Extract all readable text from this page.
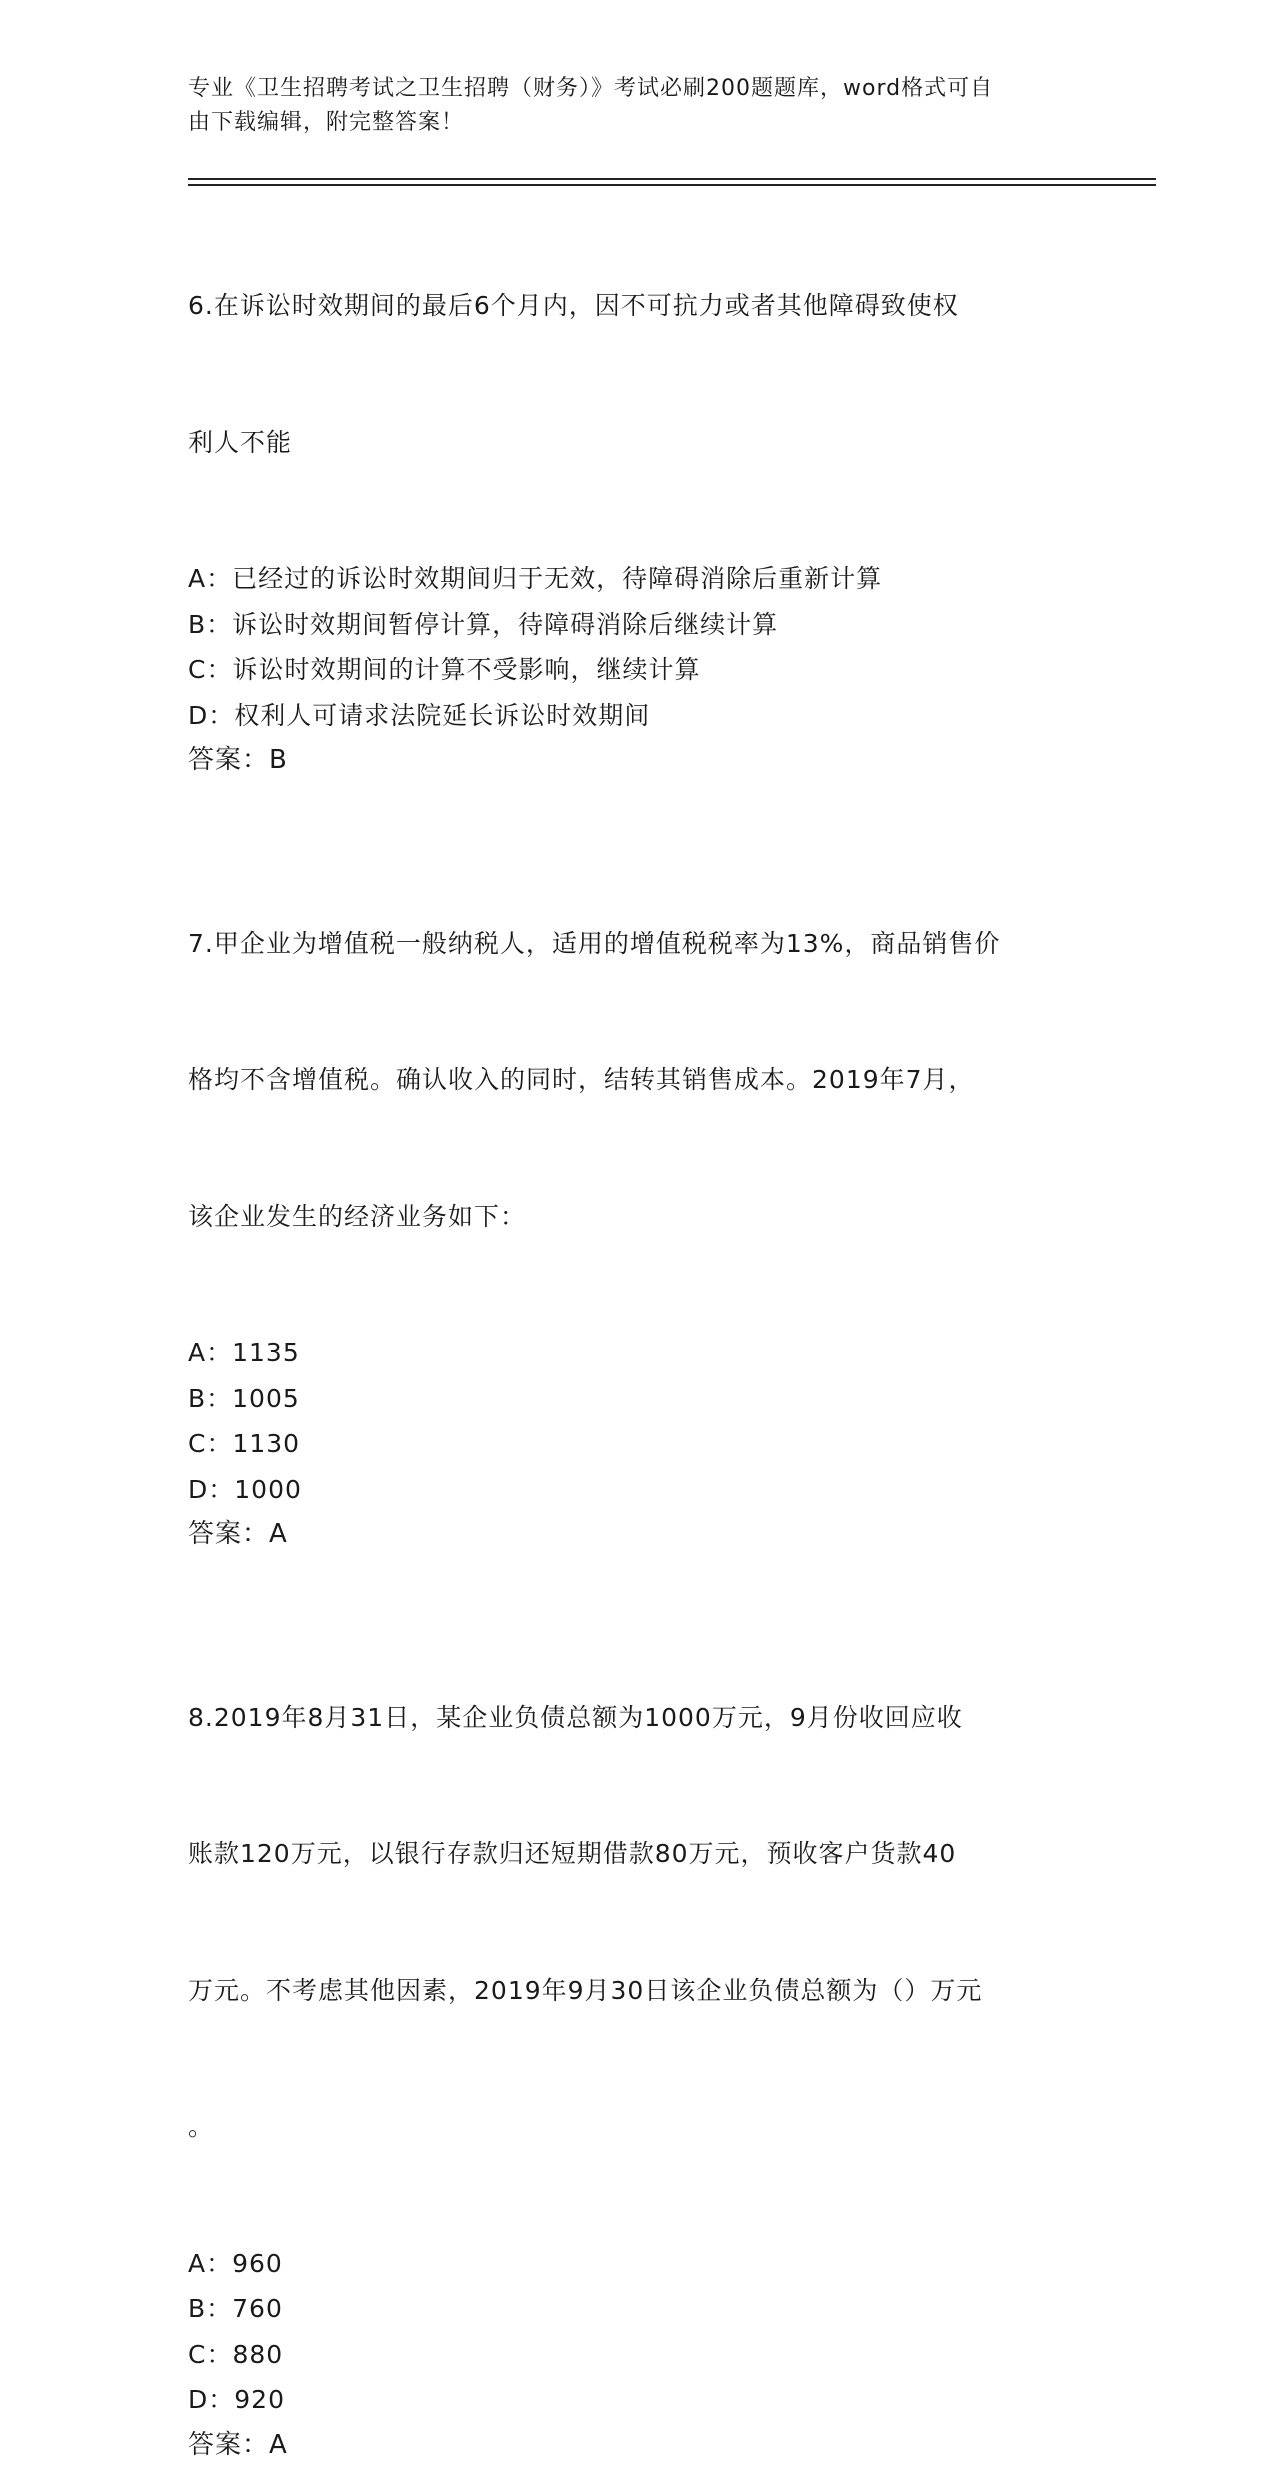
专业《卫生招聘考试之卫生招聘（财务）》考试必刷200题题库，word格式可自
由下载编辑，附完整答案！

6.在诉讼时效期间的最后6个月内，因不可抗力或者其他障碍致使权

利人不能

A：已经过的诉讼时效期间归于无效，待障碍消除后重新计算
B：诉讼时效期间暂停计算，待障碍消除后继续计算
C：诉讼时效期间的计算不受影响，继续计算
D：权利人可请求法院延长诉讼时效期间
答案：B

7.甲企业为增值税一般纳税人，适用的增值税税率为13%，商品销售价

格均不含增值税。确认收入的同时，结转其销售成本。2019年7月，

该企业发生的经济业务如下：

A：1135
B：1005
C：1130
D：1000
答案：A

8.2019年8月31日，某企业负债总额为1000万元，9月份收回应收

账款120万元，以银行存款归还短期借款80万元，预收客户货款40

万元。不考虑其他因素，2019年9月30日该企业负债总额为（）万元

。

A：960
B：760
C：880
D：920
答案：A
